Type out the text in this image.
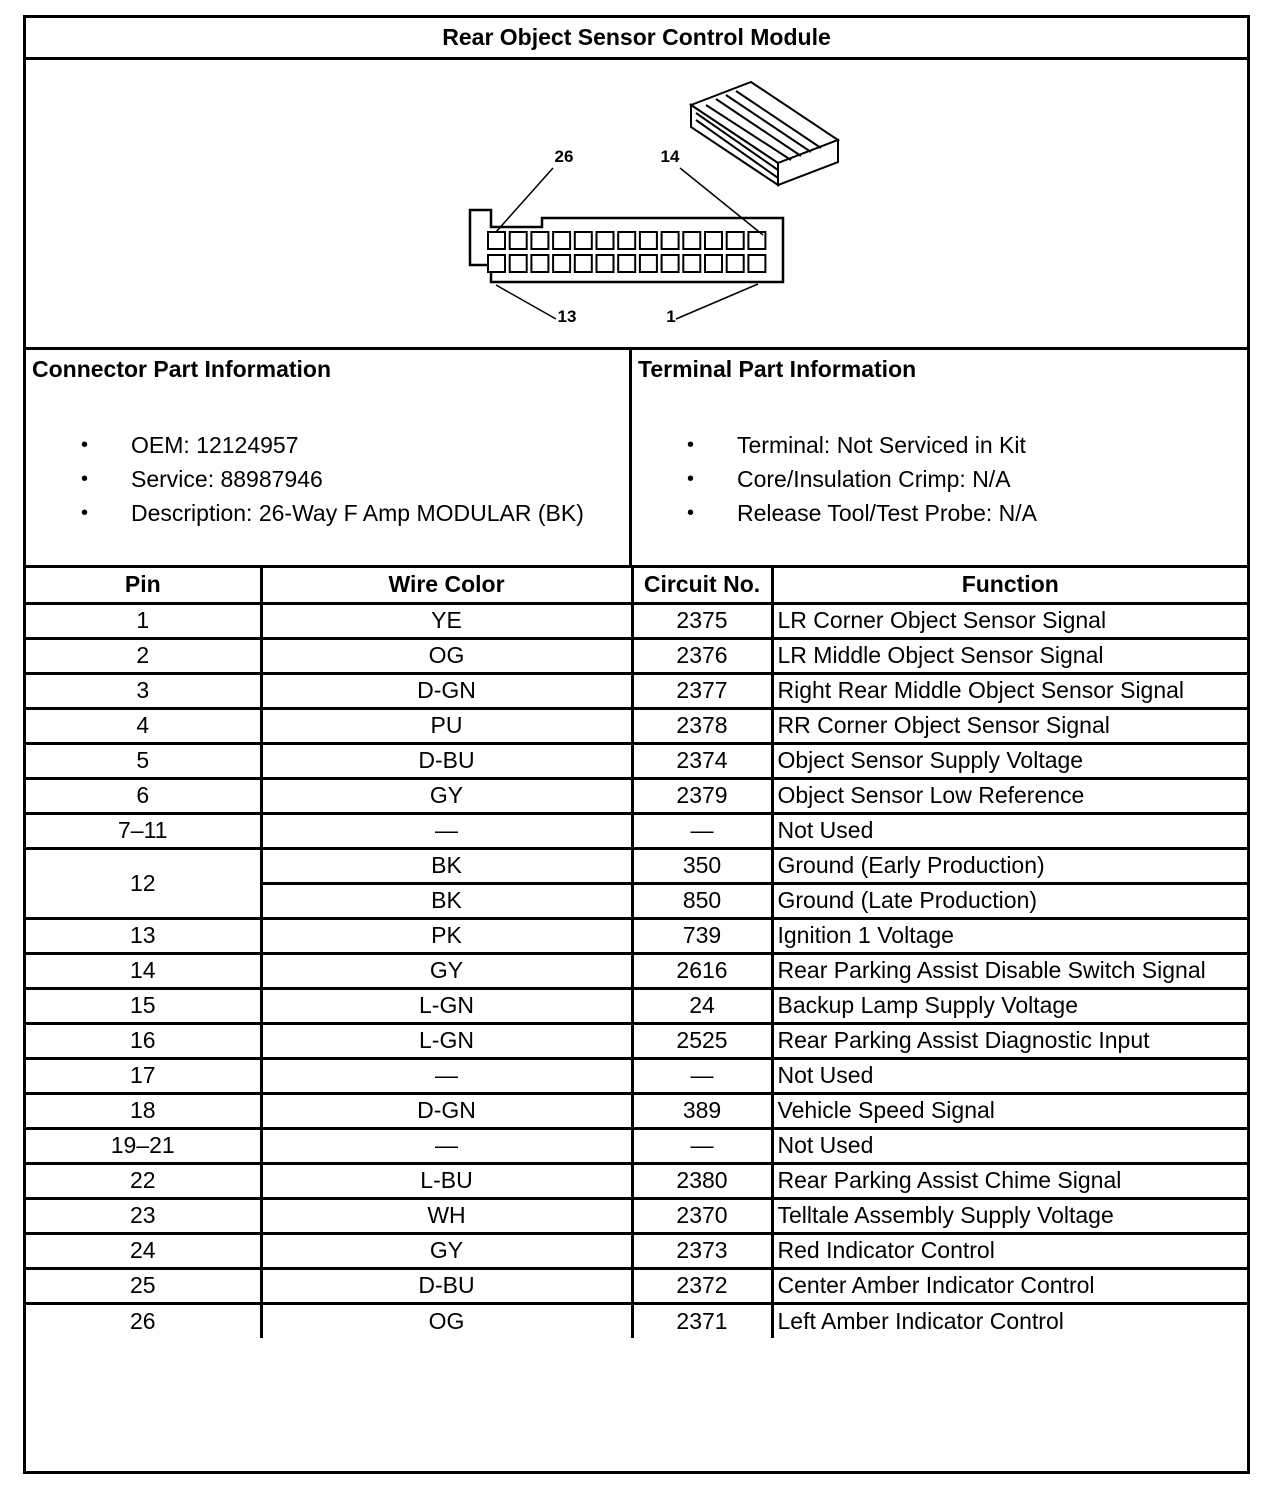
Rear Object Sensor Control Module
26	14
13	1
Connector Part Information
• OEM: 12124957
• Service: 88987946
• Description: 26-Way F Amp MODULAR (BK)
Terminal Part Information
• Terminal: Not Serviced in Kit
• Core/Insulation Crimp: N/A
• Release Tool/Test Probe: N/A
Pin	Wire Color	Circuit No.	Function
1	YE	2375	LR Corner Object Sensor Signal
2	OG	2376	LR Middle Object Sensor Signal
3	D-GN	2377	Right Rear Middle Object Sensor Signal
4	PU	2378	RR Corner Object Sensor Signal
5	D-BU	2374	Object Sensor Supply Voltage
6	GY	2379	Object Sensor Low Reference
7–11	—	—	Not Used
12	BK	350	Ground (Early Production)
	BK	850	Ground (Late Production)
13	PK	739	Ignition 1 Voltage
14	GY	2616	Rear Parking Assist Disable Switch Signal
15	L-GN	24	Backup Lamp Supply Voltage
16	L-GN	2525	Rear Parking Assist Diagnostic Input
17	—	—	Not Used
18	D-GN	389	Vehicle Speed Signal
19–21	—	—	Not Used
22	L-BU	2380	Rear Parking Assist Chime Signal
23	WH	2370	Telltale Assembly Supply Voltage
24	GY	2373	Red Indicator Control
25	D-BU	2372	Center Amber Indicator Control
26	OG	2371	Left Amber Indicator Control
